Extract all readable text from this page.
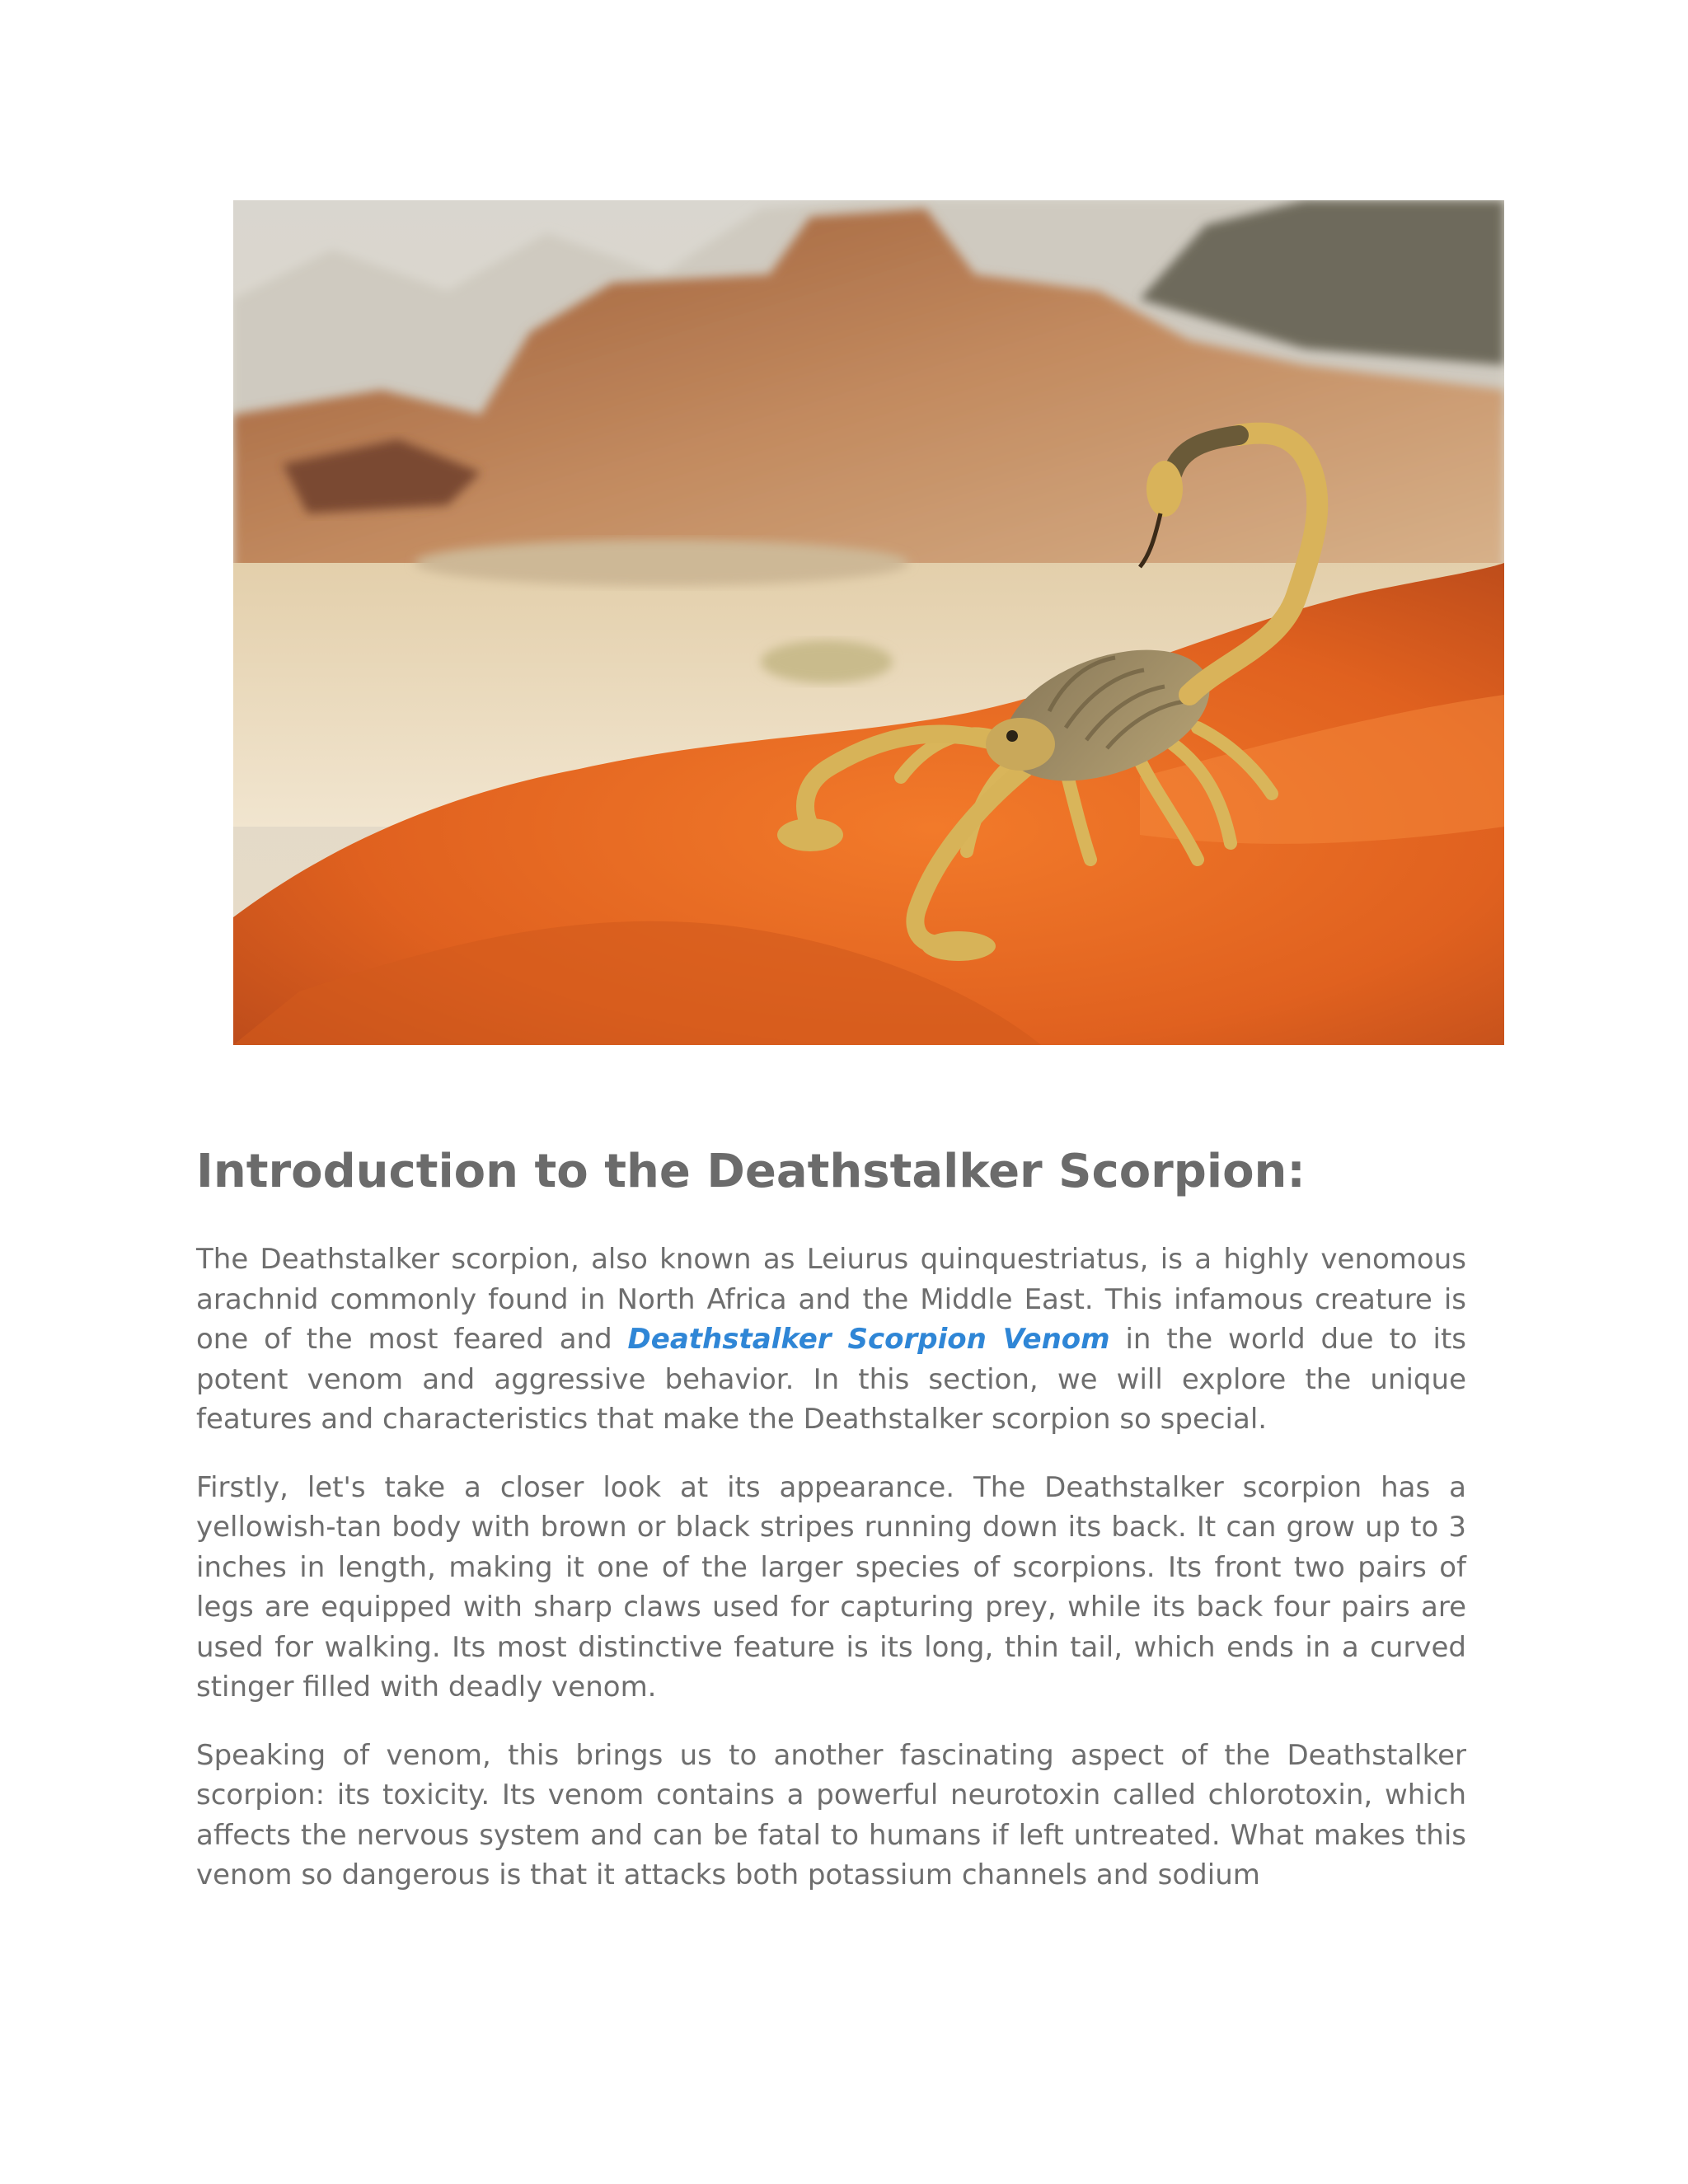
Introduction to the Deathstalker Scorpion:

The Deathstalker scorpion, also known as Leiurus quinquestriatus, is a highly venomous arachnid commonly found in North Africa and the Middle East. This infamous creature is one of the most feared and Deathstalker Scorpion Venom in the world due to its potent venom and aggressive behavior. In this section, we will explore the unique features and characteristics that make the Deathstalker scorpion so special.

Firstly, let's take a closer look at its appearance. The Deathstalker scorpion has a yellowish-tan body with brown or black stripes running down its back. It can grow up to 3 inches in length, making it one of the larger species of scorpions. Its front two pairs of legs are equipped with sharp claws used for capturing prey, while its back four pairs are used for walking. Its most distinctive feature is its long, thin tail, which ends in a curved stinger filled with deadly venom.

Speaking of venom, this brings us to another fascinating aspect of the Deathstalker scorpion: its toxicity. Its venom contains a powerful neurotoxin called chlorotoxin, which affects the nervous system and can be fatal to humans if left untreated. What makes this venom so dangerous is that it attacks both potassium channels and sodium
